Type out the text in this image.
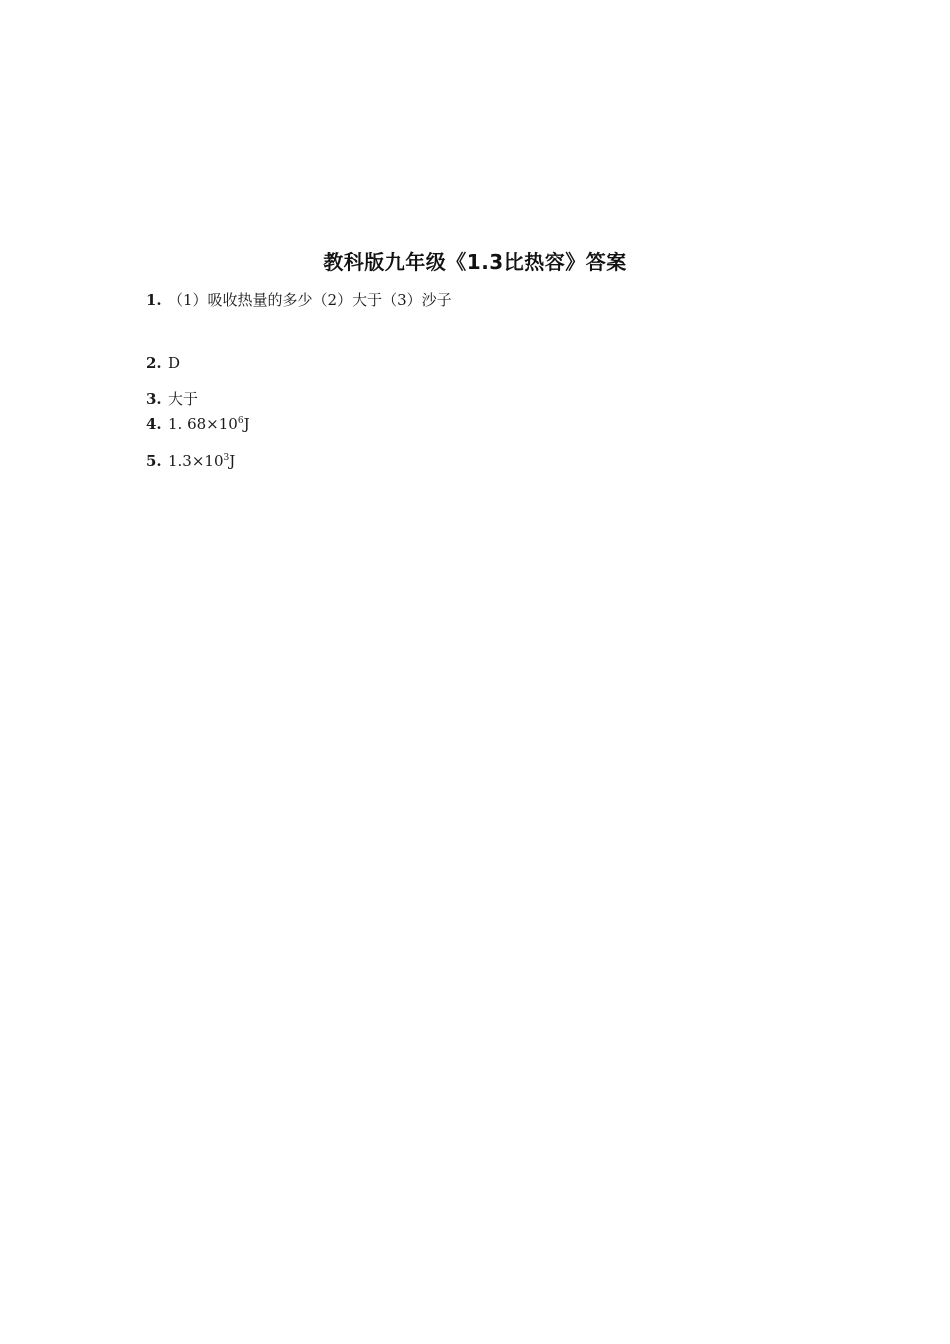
教科版九年级《1.3比热容》答案
1. （1）吸收热量的多少（2）大于（3）沙子
2. D
3. 大于
4. 1. $68\times 10^6J$
5. $1.3\times 10^3J$
